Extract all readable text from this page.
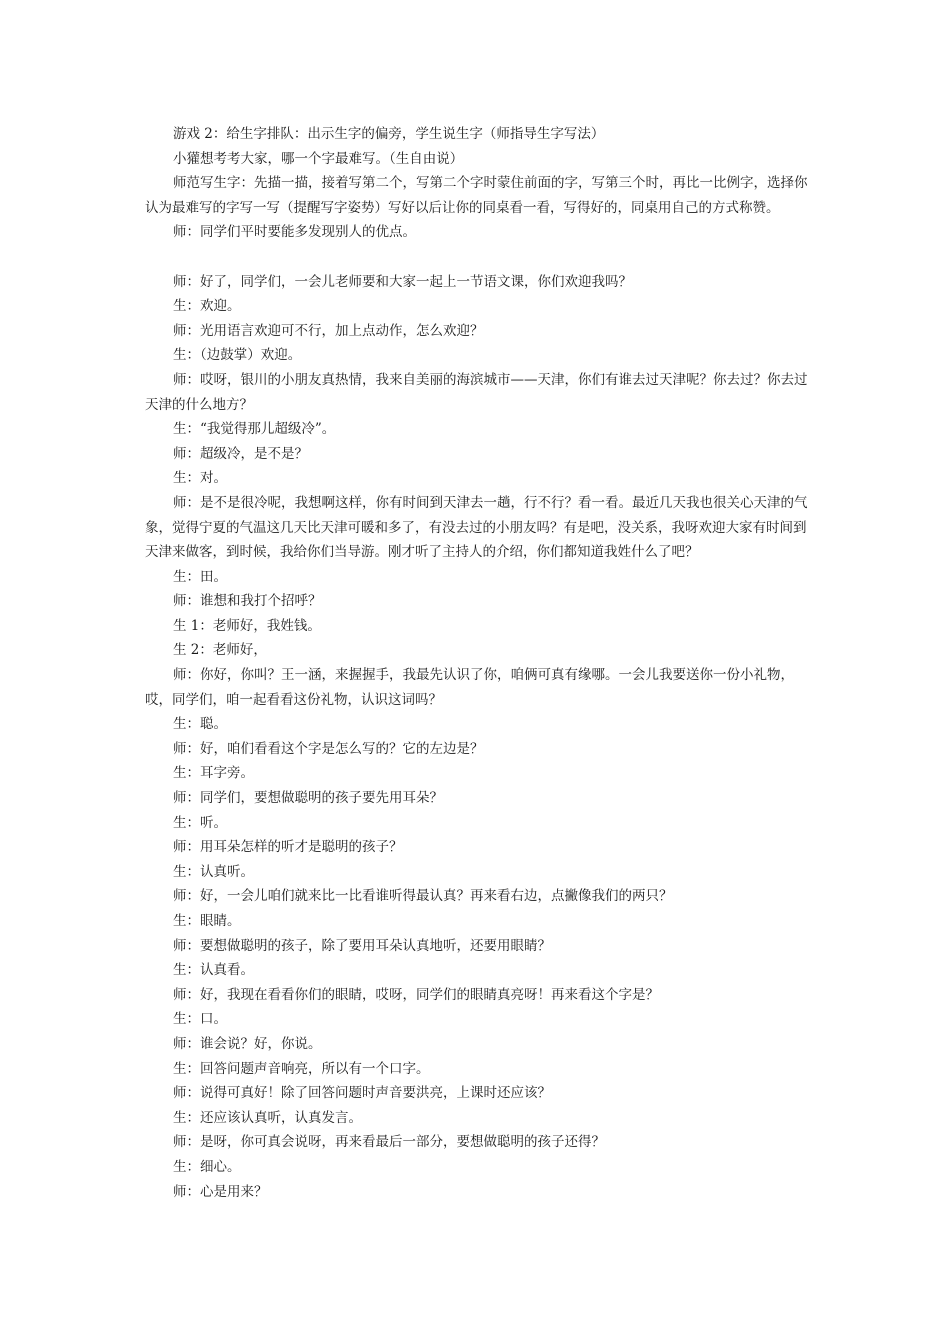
游戏 2：给生字排队：出示生字的偏旁，学生说生字（师指导生字写法）

小獾想考考大家，哪一个字最难写。（生自由说）

师范写生字：先描一描，接着写第二个，写第二个字时蒙住前面的字，写第三个时，再比一比例字，选择你认为最难写的字写一写（提醒写字姿势）写好以后让你的同桌看一看，写得好的，同桌用自己的方式称赞。

师：同学们平时要能多发现别人的优点。

师：好了，同学们，一会儿老师要和大家一起上一节语文课，你们欢迎我吗？

生：欢迎。

师：光用语言欢迎可不行，加上点动作，怎么欢迎？

生：（边鼓掌）欢迎。

师：哎呀，银川的小朋友真热情，我来自美丽的海滨城市——天津，你们有谁去过天津呢？你去过？你去过天津的什么地方？

生：“我觉得那儿超级冷”。

师：超级冷，是不是？

生：对。

师：是不是很冷呢，我想啊这样，你有时间到天津去一趟，行不行？看一看。最近几天我也很关心天津的气象，觉得宁夏的气温这几天比天津可暖和多了，有没去过的小朋友吗？有是吧，没关系，我呀欢迎大家有时间到天津来做客，到时候，我给你们当导游。刚才听了主持人的介绍，你们都知道我姓什么了吧？

生：田。

师：谁想和我打个招呼？

生 1：老师好，我姓钱。

生 2：老师好，

师：你好，你叫？王一涵，来握握手，我最先认识了你，咱俩可真有缘哪。一会儿我要送你一份小礼物，哎，同学们，咱一起看看这份礼物，认识这词吗？

生：聪。

师：好，咱们看看这个字是怎么写的？它的左边是？

生：耳字旁。

师：同学们，要想做聪明的孩子要先用耳朵？

生：听。

师：用耳朵怎样的听才是聪明的孩子？

生：认真听。

师：好，一会儿咱们就来比一比看谁听得最认真？再来看右边，点撇像我们的两只？

生：眼睛。

师：要想做聪明的孩子，除了要用耳朵认真地听，还要用眼睛？

生：认真看。

师：好，我现在看看你们的眼睛，哎呀，同学们的眼睛真亮呀！再来看这个字是？

生：口。

师：谁会说？好，你说。

生：回答问题声音响亮，所以有一个口字。

师：说得可真好！除了回答问题时声音要洪亮，上课时还应该？

生：还应该认真听，认真发言。

师：是呀，你可真会说呀，再来看最后一部分，要想做聪明的孩子还得？

生：细心。

师：心是用来？
